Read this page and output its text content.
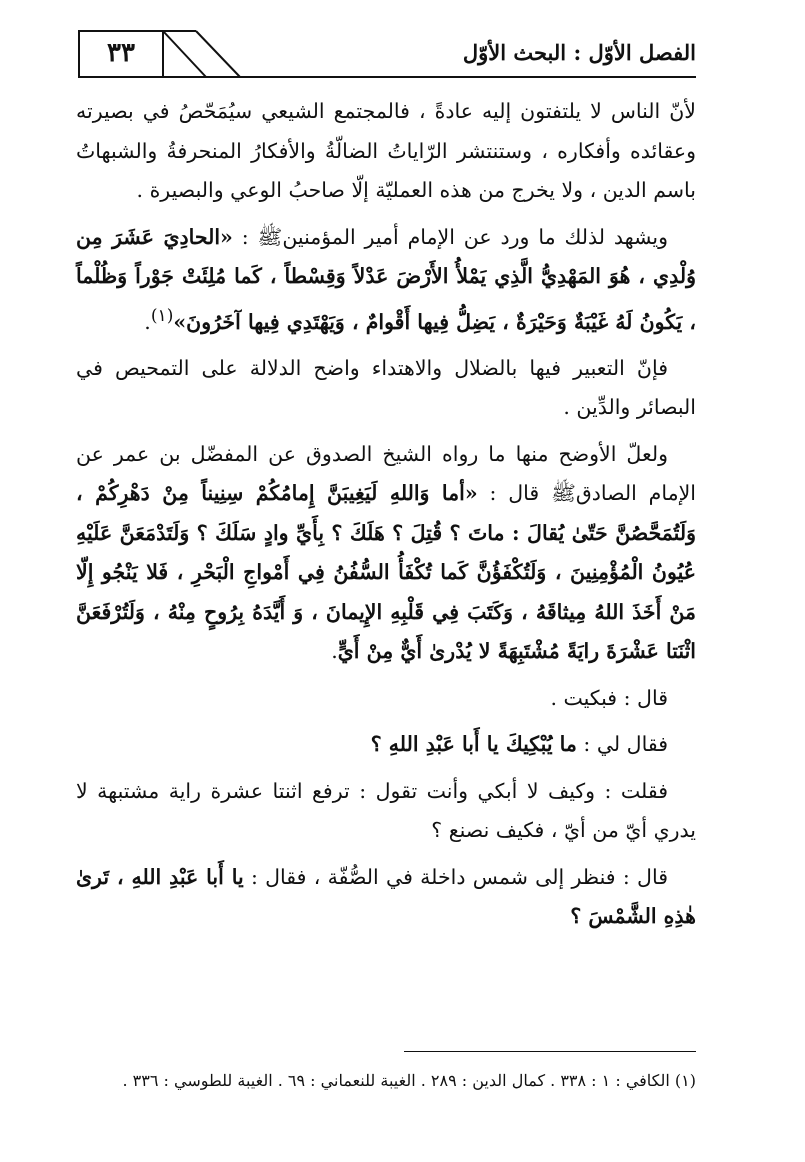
٣٣	الفصل الأوّل : البحث الأوّل

لأنّ الناس لا يلتفتون إليه عادةً ، فالمجتمع الشيعي سيُمَحّصُ في بصيرته وعقائده وأفكاره ، وستنتشر الرّاياتُ الضالّةُ والأفكارُ المنحرفةُ والشبهاتُ باسم الدين ، ولا يخرج من هذه العمليّة إلّا صاحبُ الوعي والبصيرة .

ويشهد لذلك ما ورد عن الإمام أمير المؤمنينﷺ : «الحادِيَ عَشَرَ مِن وُلْدِي ، هُوَ المَهْدِيُّ الَّذِي يَمْلأُ الأَرْضَ عَدْلاً وَقِسْطاً ، كَما مُلِئَتْ جَوْراً وَظُلْماً ، يَكُونُ لَهُ غَيْبَةٌ وَحَيْرَةٌ ، يَضِلُّ فِيها أَقْوامٌ ، وَيَهْتَدِي فِيها آخَرُونَ»$^{(١)}$.

فإنّ التعبير فيها بالضلال والاهتداء واضح الدلالة على التمحيص في البصائر والدِّين .

ولعلّ الأوضح منها ما رواه الشيخ الصدوق عن المفضّل بن عمر عن الإمام الصادقﷺ قال : «أما وَاللهِ لَيَغِيبَنَّ إِمامُكُمْ سِنِيناً مِنْ دَهْرِكُمْ ، وَلَتُمَحَّصُنَّ حَتّىٰ يُقالَ : ماتَ ؟ قُتِلَ ؟ هَلَكَ ؟ بِأَيِّ وادٍ سَلَكَ ؟ وَلَتَدْمَعَنَّ عَلَيْهِ عُيُونُ الْمُؤْمِنِينَ ، وَلَتُكْفَؤُنَّ كَما تُكْفَأُ السُّفُنُ فِي أَمْواجِ الْبَحْرِ ، فَلا يَنْجُو إِلّا مَنْ أَخَذَ اللهُ مِيثاقَهُ ، وَكَتَبَ فِي قَلْبِهِ الإِيمانَ ، وَ أَيَّدَهُ بِرُوحٍ مِنْهُ ، وَلَتُرْفَعَنَّ اثْنَتا عَشْرَةَ رايَةً مُشْتَبِهَةً لا يُدْرىٰ أَيٌّ مِنْ أَيٍّ.

قال : فبكيت .

فقال لي : ما يُبْكِيكَ يا أَبا عَبْدِ اللهِ ؟

فقلت : وكيف لا أبكي وأنت تقول : ترفع اثنتا عشرة راية مشتبهة لا يدري أيّ من أيّ ، فكيف نصنع ؟

قال : فنظر إلى شمس داخلة في الصُّفّة ، فقال : يا أَبا عَبْدِ اللهِ ، تَرىٰ هٰذِهِ الشَّمْسَ ؟

(١) الكافي : ١ : ٣٣٨ . كمال الدين : ٢٨٩ . الغيبة للنعماني : ٦٩ . الغيبة للطوسي : ٣٣٦ .
